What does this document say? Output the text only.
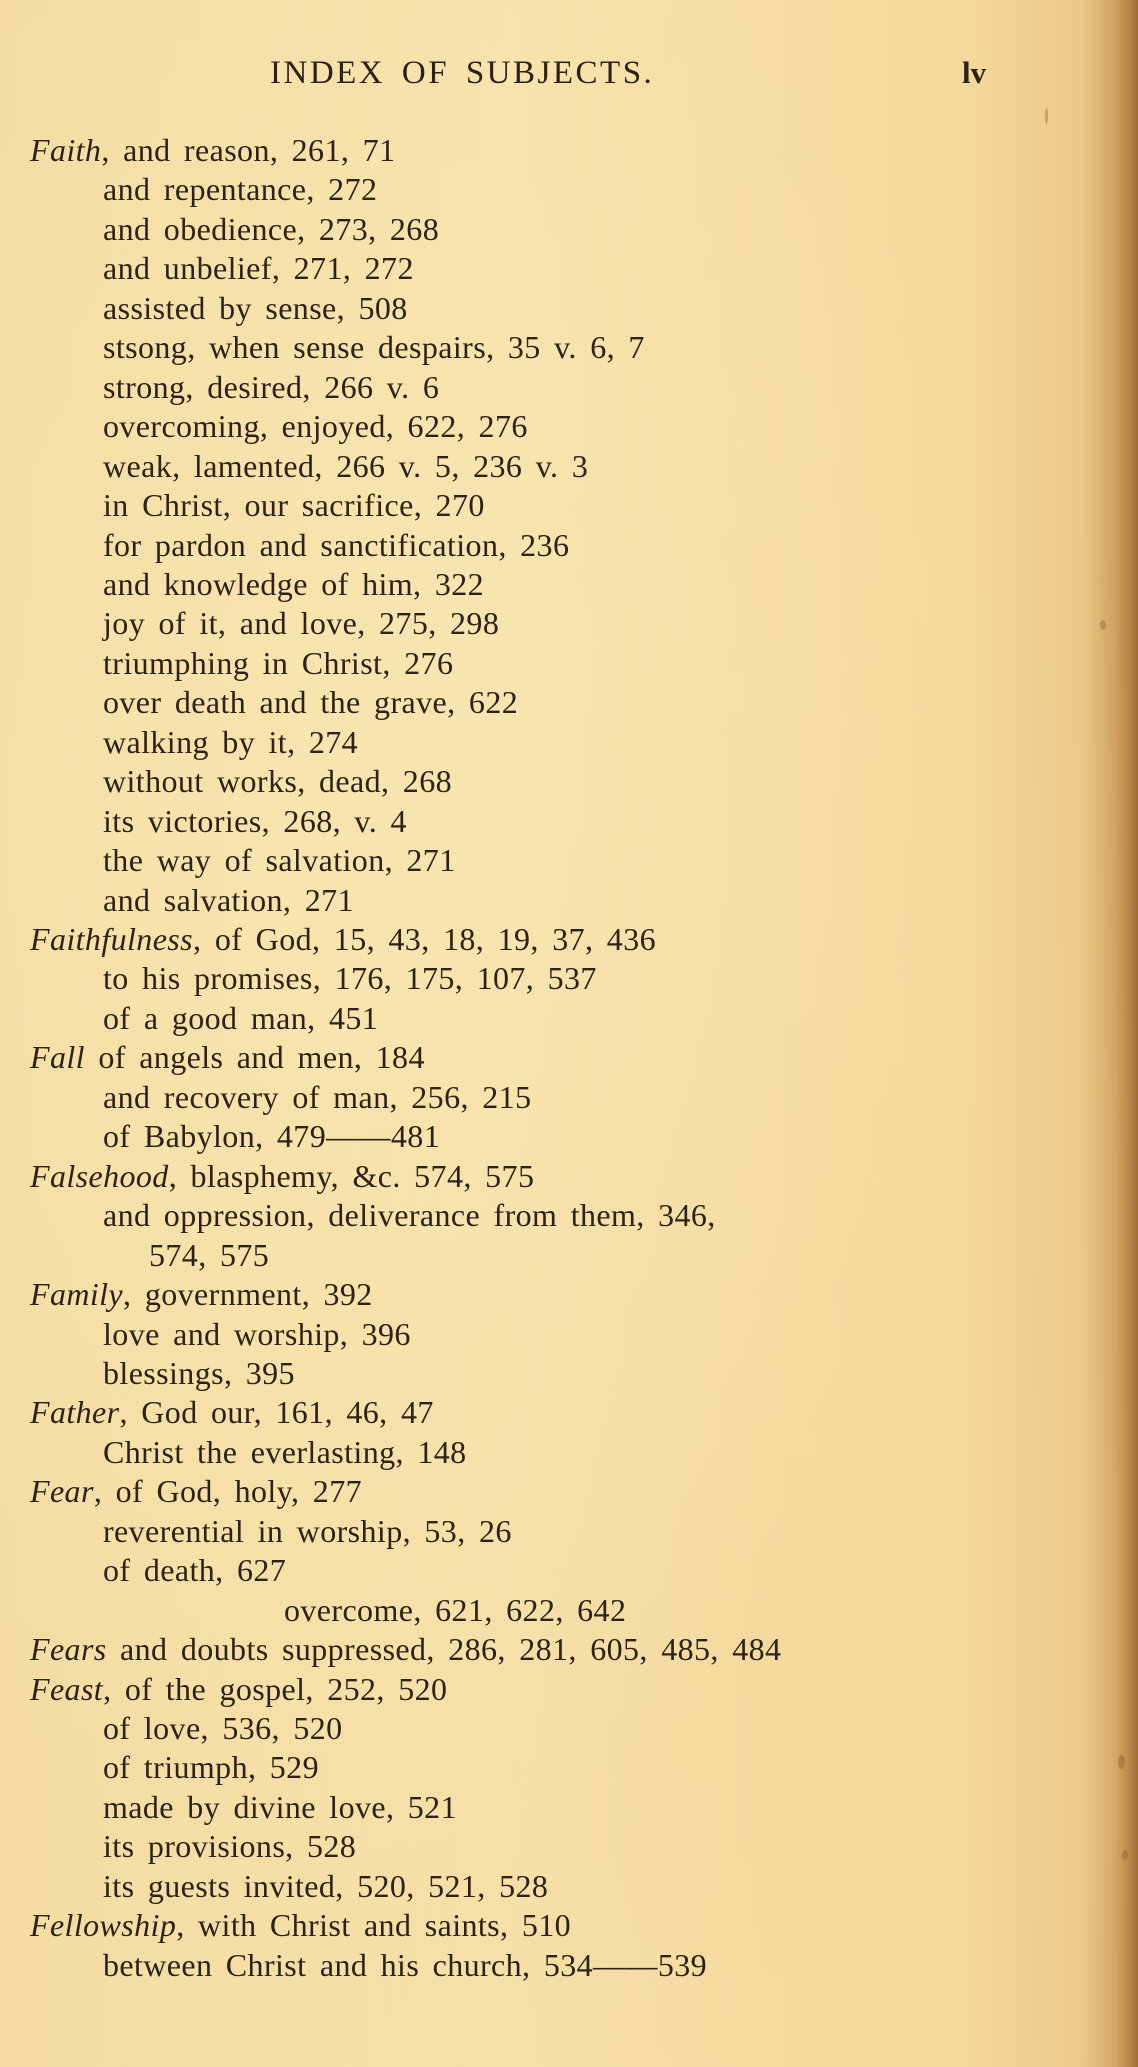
INDEX OF SUBJECTS.	lv
Faith, and reason, 261, 71
and repentance, 272
and obedience, 273, 268
and unbelief, 271, 272
assisted by sense, 508
stsong, when sense despairs, 35 v. 6, 7
strong, desired, 266 v. 6
overcoming, enjoyed, 622, 276
weak, lamented, 266 v. 5, 236 v. 3
in Christ, our sacrifice, 270
for pardon and sanctification, 236
and knowledge of him, 322
joy of it, and love, 275, 298
triumphing in Christ, 276
over death and the grave, 622
walking by it, 274
without works, dead, 268
its victories, 268, v. 4
the way of salvation, 271
and salvation, 271
Faithfulness, of God, 15, 43, 18, 19, 37, 436
to his promises, 176, 175, 107, 537
of a good man, 451
Fall of angels and men, 184
and recovery of man, 256, 215
of Babylon, 479——481
Falsehood, blasphemy, &c. 574, 575
and oppression, deliverance from them, 346,
574, 575
Family, government, 392
love and worship, 396
blessings, 395
Father, God our, 161, 46, 47
Christ the everlasting, 148
Fear, of God, holy, 277
reverential in worship, 53, 26
of death, 627
overcome, 621, 622, 642
Fears and doubts suppressed, 286, 281, 605, 485, 484
Feast, of the gospel, 252, 520
of love, 536, 520
of triumph, 529
made by divine love, 521
its provisions, 528
its guests invited, 520, 521, 528
Fellowship, with Christ and saints, 510
between Christ and his church, 534——539
